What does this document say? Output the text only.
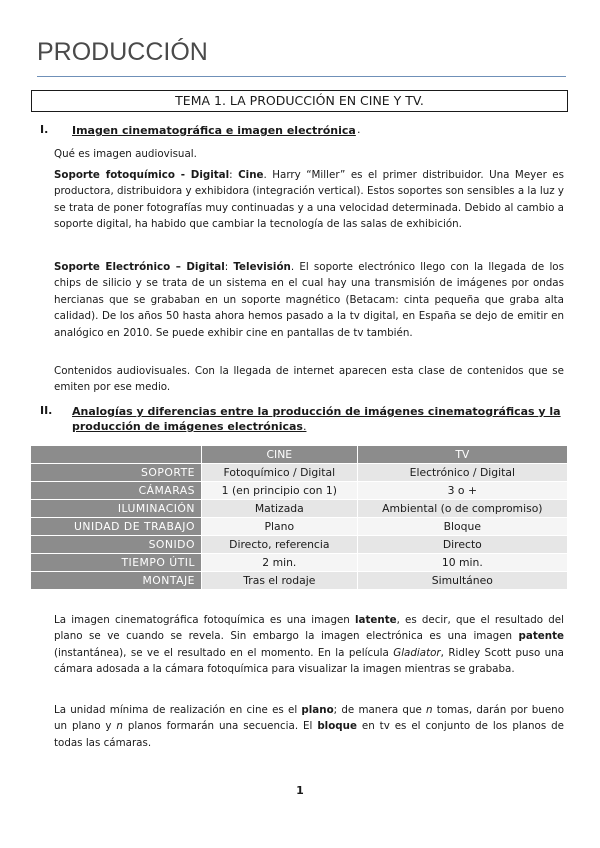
PRODUCCIÓN
TEMA 1. LA PRODUCCIÓN EN CINE Y TV.
I. Imagen cinematográfica e imagen electrónica .

Qué es imagen audiovisual.

Soporte fotoquímico - Digital: Cine. Harry “Miller” es el primer distribuidor. Una Meyer es productora, distribuidora y exhibidora (integración vertical). Estos soportes son sensibles a la luz y se trata de poner fotografías muy continuadas y a una velocidad determinada. Debido al cambio a soporte digital, ha habido que cambiar la tecnología de las salas de exhibición.

Soporte Electrónico – Digital: Televisión. El soporte electrónico llego con la llegada de los chips de silicio y se trata de un sistema en el cual hay una transmisión de imágenes por ondas hercianas que se grababan en un soporte magnético (Betacam: cinta pequeña que graba alta calidad). De los años 50 hasta ahora hemos pasado a la tv digital, en España se dejo de emitir en analógico en 2010. Se puede exhibir cine en pantallas de tv también.

Contenidos audiovisuales. Con la llegada de internet aparecen esta clase de contenidos que se emiten por ese medio.

II. Analogías y diferencias entre la producción de imágenes cinematográficas y la producción de imágenes electrónicas.
	CINE	TV
SOPORTE	Fotoquímico / Digital	Electrónico / Digital
CÁMARAS	1 (en principio con 1)	3 o +
ILUMINACIÓN	Matizada	Ambiental (o de compromiso)
UNIDAD DE TRABAJO	Plano	Bloque
SONIDO	Directo, referencia	Directo
TIEMPO ÚTIL	2 min.	10 min.
MONTAJE	Tras el rodaje	Simultáneo

La imagen cinematográfica fotoquímica es una imagen latente, es decir, que el resultado del plano se ve cuando se revela. Sin embargo la imagen electrónica es una imagen patente (instantánea), se ve el resultado en el momento. En la película Gladiator, Ridley Scott puso una cámara adosada a la cámara fotoquímica para visualizar la imagen mientras se grababa.

La unidad mínima de realización en cine es el plano; de manera que n tomas, darán por bueno un plano y n planos formarán una secuencia. El bloque en tv es el conjunto de los planos de todas las cámaras.

1
